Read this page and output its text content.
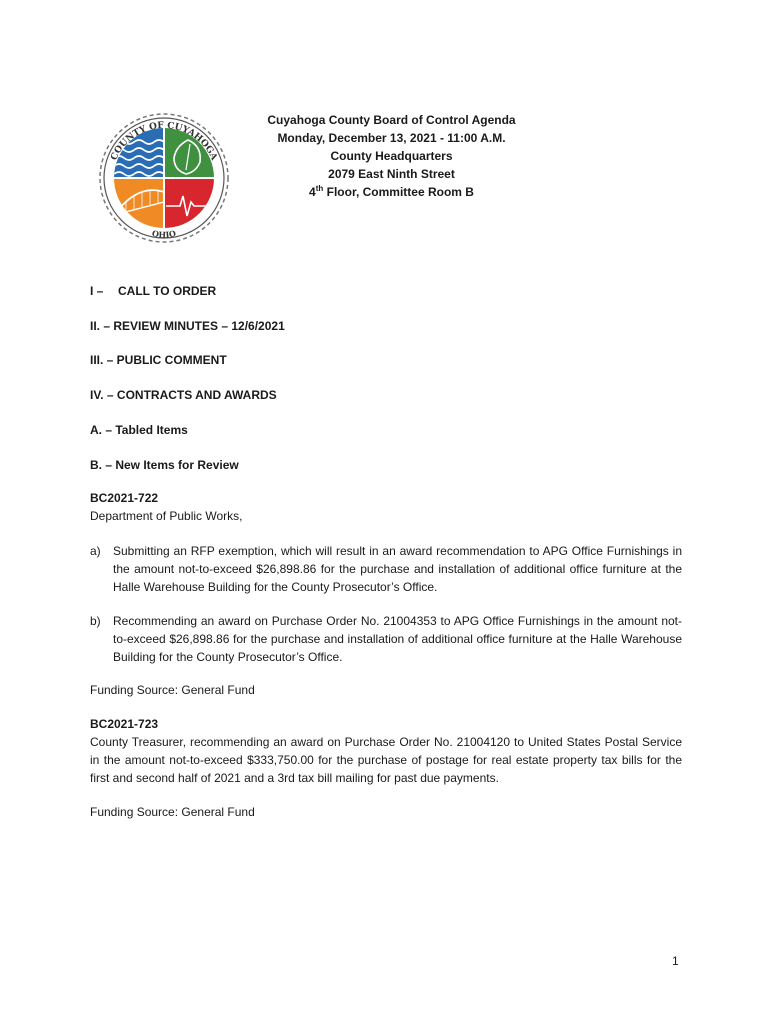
COUNTY OF CUYAHOGA
OHIO
Cuyahoga County Board of Control Agenda
Monday, December 13, 2021 - 11:00 A.M.
County Headquarters
2079 East Ninth Street
4th Floor, Committee Room B
I – CALL TO ORDER
II. – REVIEW MINUTES – 12/6/2021
III. – PUBLIC COMMENT
IV. – CONTRACTS AND AWARDS
A. – Tabled Items
B. – New Items for Review
BC2021-722
Department of Public Works,
a) Submitting an RFP exemption, which will result in an award recommendation to APG Office Furnishings in the amount not-to-exceed $26,898.86 for the purchase and installation of additional office furniture at the Halle Warehouse Building for the County Prosecutor’s Office.
b) Recommending an award on Purchase Order No. 21004353 to APG Office Furnishings in the amount not-to-exceed $26,898.86 for the purchase and installation of additional office furniture at the Halle Warehouse Building for the County Prosecutor’s Office.
Funding Source: General Fund
BC2021-723
County Treasurer, recommending an award on Purchase Order No. 21004120 to United States Postal Service in the amount not-to-exceed $333,750.00 for the purchase of postage for real estate property tax bills for the first and second half of 2021 and a 3rd tax bill mailing for past due payments.
Funding Source: General Fund
1
